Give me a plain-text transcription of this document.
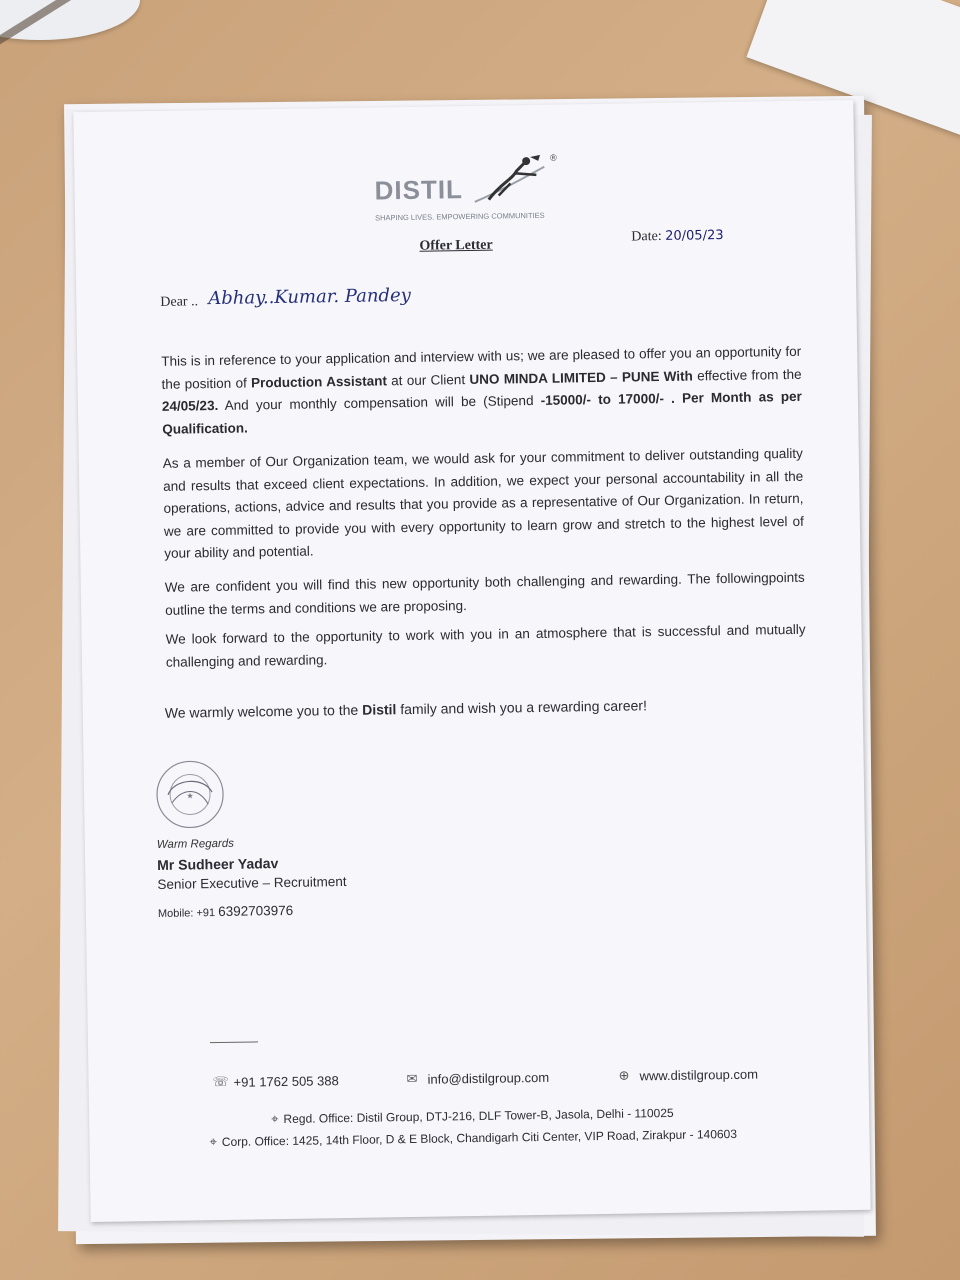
DISTIL
®
SHAPING LIVES. EMPOWERING COMMUNITIES
Offer Letter
Date: 20/05/23
Dear .. Abhay..Kumar. Pandey
This is in reference to your application and interview with us; we are pleased to offer you an opportunity for the position of Production Assistant at our Client UNO MINDA LIMITED – PUNE With effective from the 24/05/23. And your monthly compensation will be (Stipend -15000/- to 17000/- . Per Month as per Qualification.
As a member of Our Organization team, we would ask for your commitment to deliver outstanding quality and results that exceed client expectations. In addition, we expect your personal accountability in all the operations, actions, advice and results that you provide as a representative of Our Organization. In return, we are committed to provide you with every opportunity to learn grow and stretch to the highest level of your ability and potential.
We are confident you will find this new opportunity both challenging and rewarding. The followingpoints outline the terms and conditions we are proposing.
We look forward to the opportunity to work with you in an atmosphere that is successful and mutually challenging and rewarding.
We warmly welcome you to the Distil family and wish you a rewarding career!
★
Warm Regards
Mr Sudheer Yadav
Senior Executive – Recruitment
Mobile: +91 6392703976
☏ +91 1762 505 388	✉ info@distilgroup.com	⊕ www.distilgroup.com
⌖ Regd. Office: Distil Group, DTJ-216, DLF Tower-B, Jasola, Delhi - 110025
⌖ Corp. Office: 1425, 14th Floor, D & E Block, Chandigarh Citi Center, VIP Road, Zirakpur - 140603
